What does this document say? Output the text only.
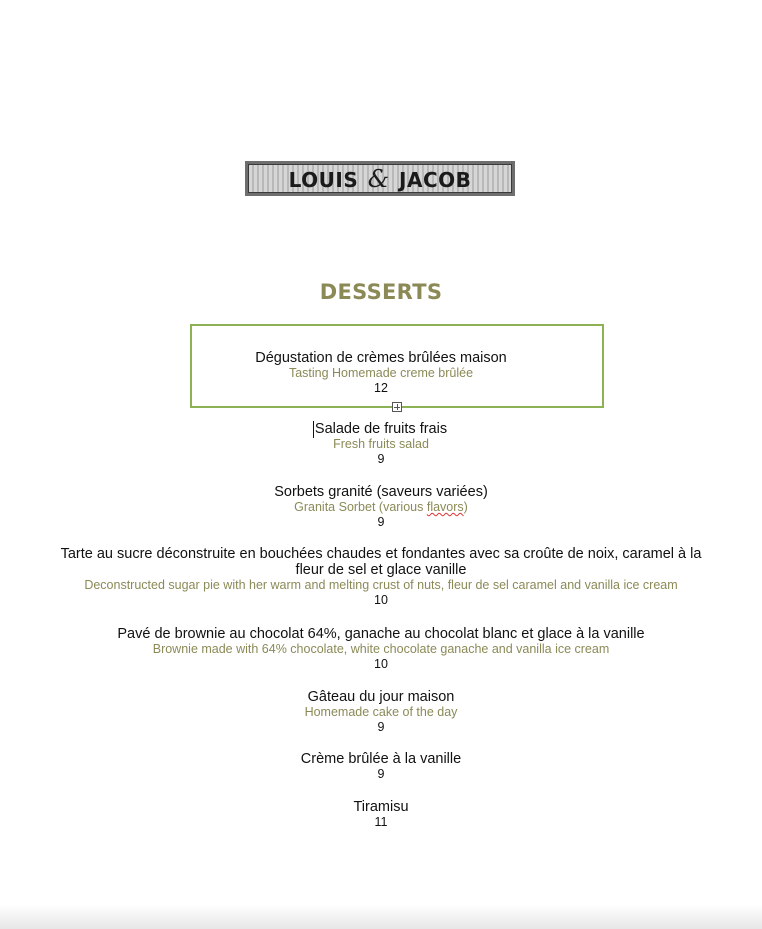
LOUIS & JACOB
DESSERTS
Dégustation de crèmes brûlées maison
Tasting Homemade creme brûlée
12
Salade de fruits frais
Fresh fruits salad
9
Sorbets granité (saveurs variées)
Granita Sorbet (various flavors)
9
Tarte au sucre déconstruite en bouchées chaudes et fondantes avec sa croûte de noix, caramel à la
fleur de sel et glace vanille
Deconstructed sugar pie with her warm and melting crust of nuts, fleur de sel caramel and vanilla ice cream
10
Pavé de brownie au chocolat 64%, ganache au chocolat blanc et glace à la vanille
Brownie made with 64% chocolate, white chocolate ganache and vanilla ice cream
10
Gâteau du jour maison
Homemade cake of the day
9
Crème brûlée à la vanille
9
Tiramisu
11
